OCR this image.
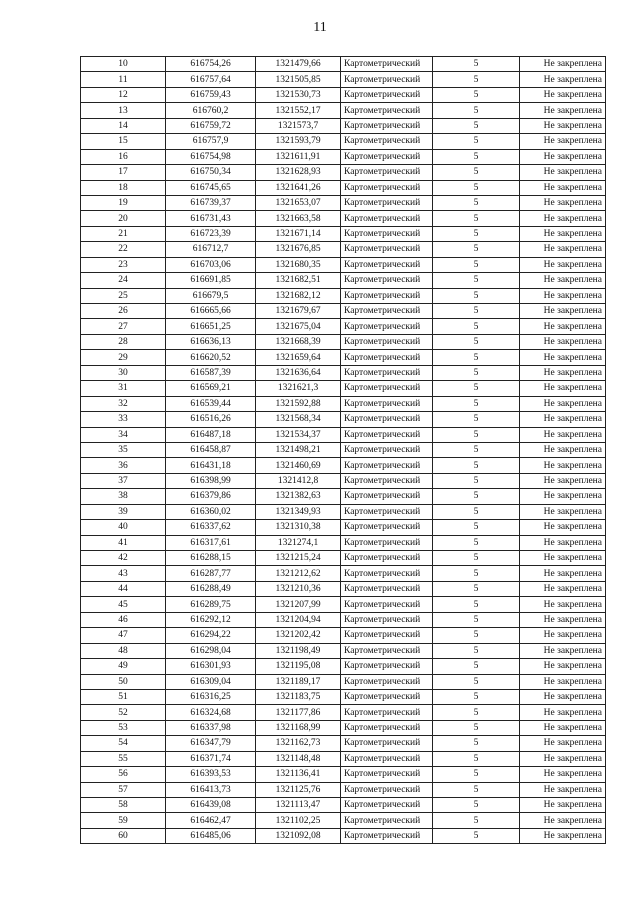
11
10	616754,26	1321479,66	Картометрический	5	Не закреплена
11	616757,64	1321505,85	Картометрический	5	Не закреплена
12	616759,43	1321530,73	Картометрический	5	Не закреплена
13	616760,2	1321552,17	Картометрический	5	Не закреплена
14	616759,72	1321573,7	Картометрический	5	Не закреплена
15	616757,9	1321593,79	Картометрический	5	Не закреплена
16	616754,98	1321611,91	Картометрический	5	Не закреплена
17	616750,34	1321628,93	Картометрический	5	Не закреплена
18	616745,65	1321641,26	Картометрический	5	Не закреплена
19	616739,37	1321653,07	Картометрический	5	Не закреплена
20	616731,43	1321663,58	Картометрический	5	Не закреплена
21	616723,39	1321671,14	Картометрический	5	Не закреплена
22	616712,7	1321676,85	Картометрический	5	Не закреплена
23	616703,06	1321680,35	Картометрический	5	Не закреплена
24	616691,85	1321682,51	Картометрический	5	Не закреплена
25	616679,5	1321682,12	Картометрический	5	Не закреплена
26	616665,66	1321679,67	Картометрический	5	Не закреплена
27	616651,25	1321675,04	Картометрический	5	Не закреплена
28	616636,13	1321668,39	Картометрический	5	Не закреплена
29	616620,52	1321659,64	Картометрический	5	Не закреплена
30	616587,39	1321636,64	Картометрический	5	Не закреплена
31	616569,21	1321621,3	Картометрический	5	Не закреплена
32	616539,44	1321592,88	Картометрический	5	Не закреплена
33	616516,26	1321568,34	Картометрический	5	Не закреплена
34	616487,18	1321534,37	Картометрический	5	Не закреплена
35	616458,87	1321498,21	Картометрический	5	Не закреплена
36	616431,18	1321460,69	Картометрический	5	Не закреплена
37	616398,99	1321412,8	Картометрический	5	Не закреплена
38	616379,86	1321382,63	Картометрический	5	Не закреплена
39	616360,02	1321349,93	Картометрический	5	Не закреплена
40	616337,62	1321310,38	Картометрический	5	Не закреплена
41	616317,61	1321274,1	Картометрический	5	Не закреплена
42	616288,15	1321215,24	Картометрический	5	Не закреплена
43	616287,77	1321212,62	Картометрический	5	Не закреплена
44	616288,49	1321210,36	Картометрический	5	Не закреплена
45	616289,75	1321207,99	Картометрический	5	Не закреплена
46	616292,12	1321204,94	Картометрический	5	Не закреплена
47	616294,22	1321202,42	Картометрический	5	Не закреплена
48	616298,04	1321198,49	Картометрический	5	Не закреплена
49	616301,93	1321195,08	Картометрический	5	Не закреплена
50	616309,04	1321189,17	Картометрический	5	Не закреплена
51	616316,25	1321183,75	Картометрический	5	Не закреплена
52	616324,68	1321177,86	Картометрический	5	Не закреплена
53	616337,98	1321168,99	Картометрический	5	Не закреплена
54	616347,79	1321162,73	Картометрический	5	Не закреплена
55	616371,74	1321148,48	Картометрический	5	Не закреплена
56	616393,53	1321136,41	Картометрический	5	Не закреплена
57	616413,73	1321125,76	Картометрический	5	Не закреплена
58	616439,08	1321113,47	Картометрический	5	Не закреплена
59	616462,47	1321102,25	Картометрический	5	Не закреплена
60	616485,06	1321092,08	Картометрический	5	Не закреплена
